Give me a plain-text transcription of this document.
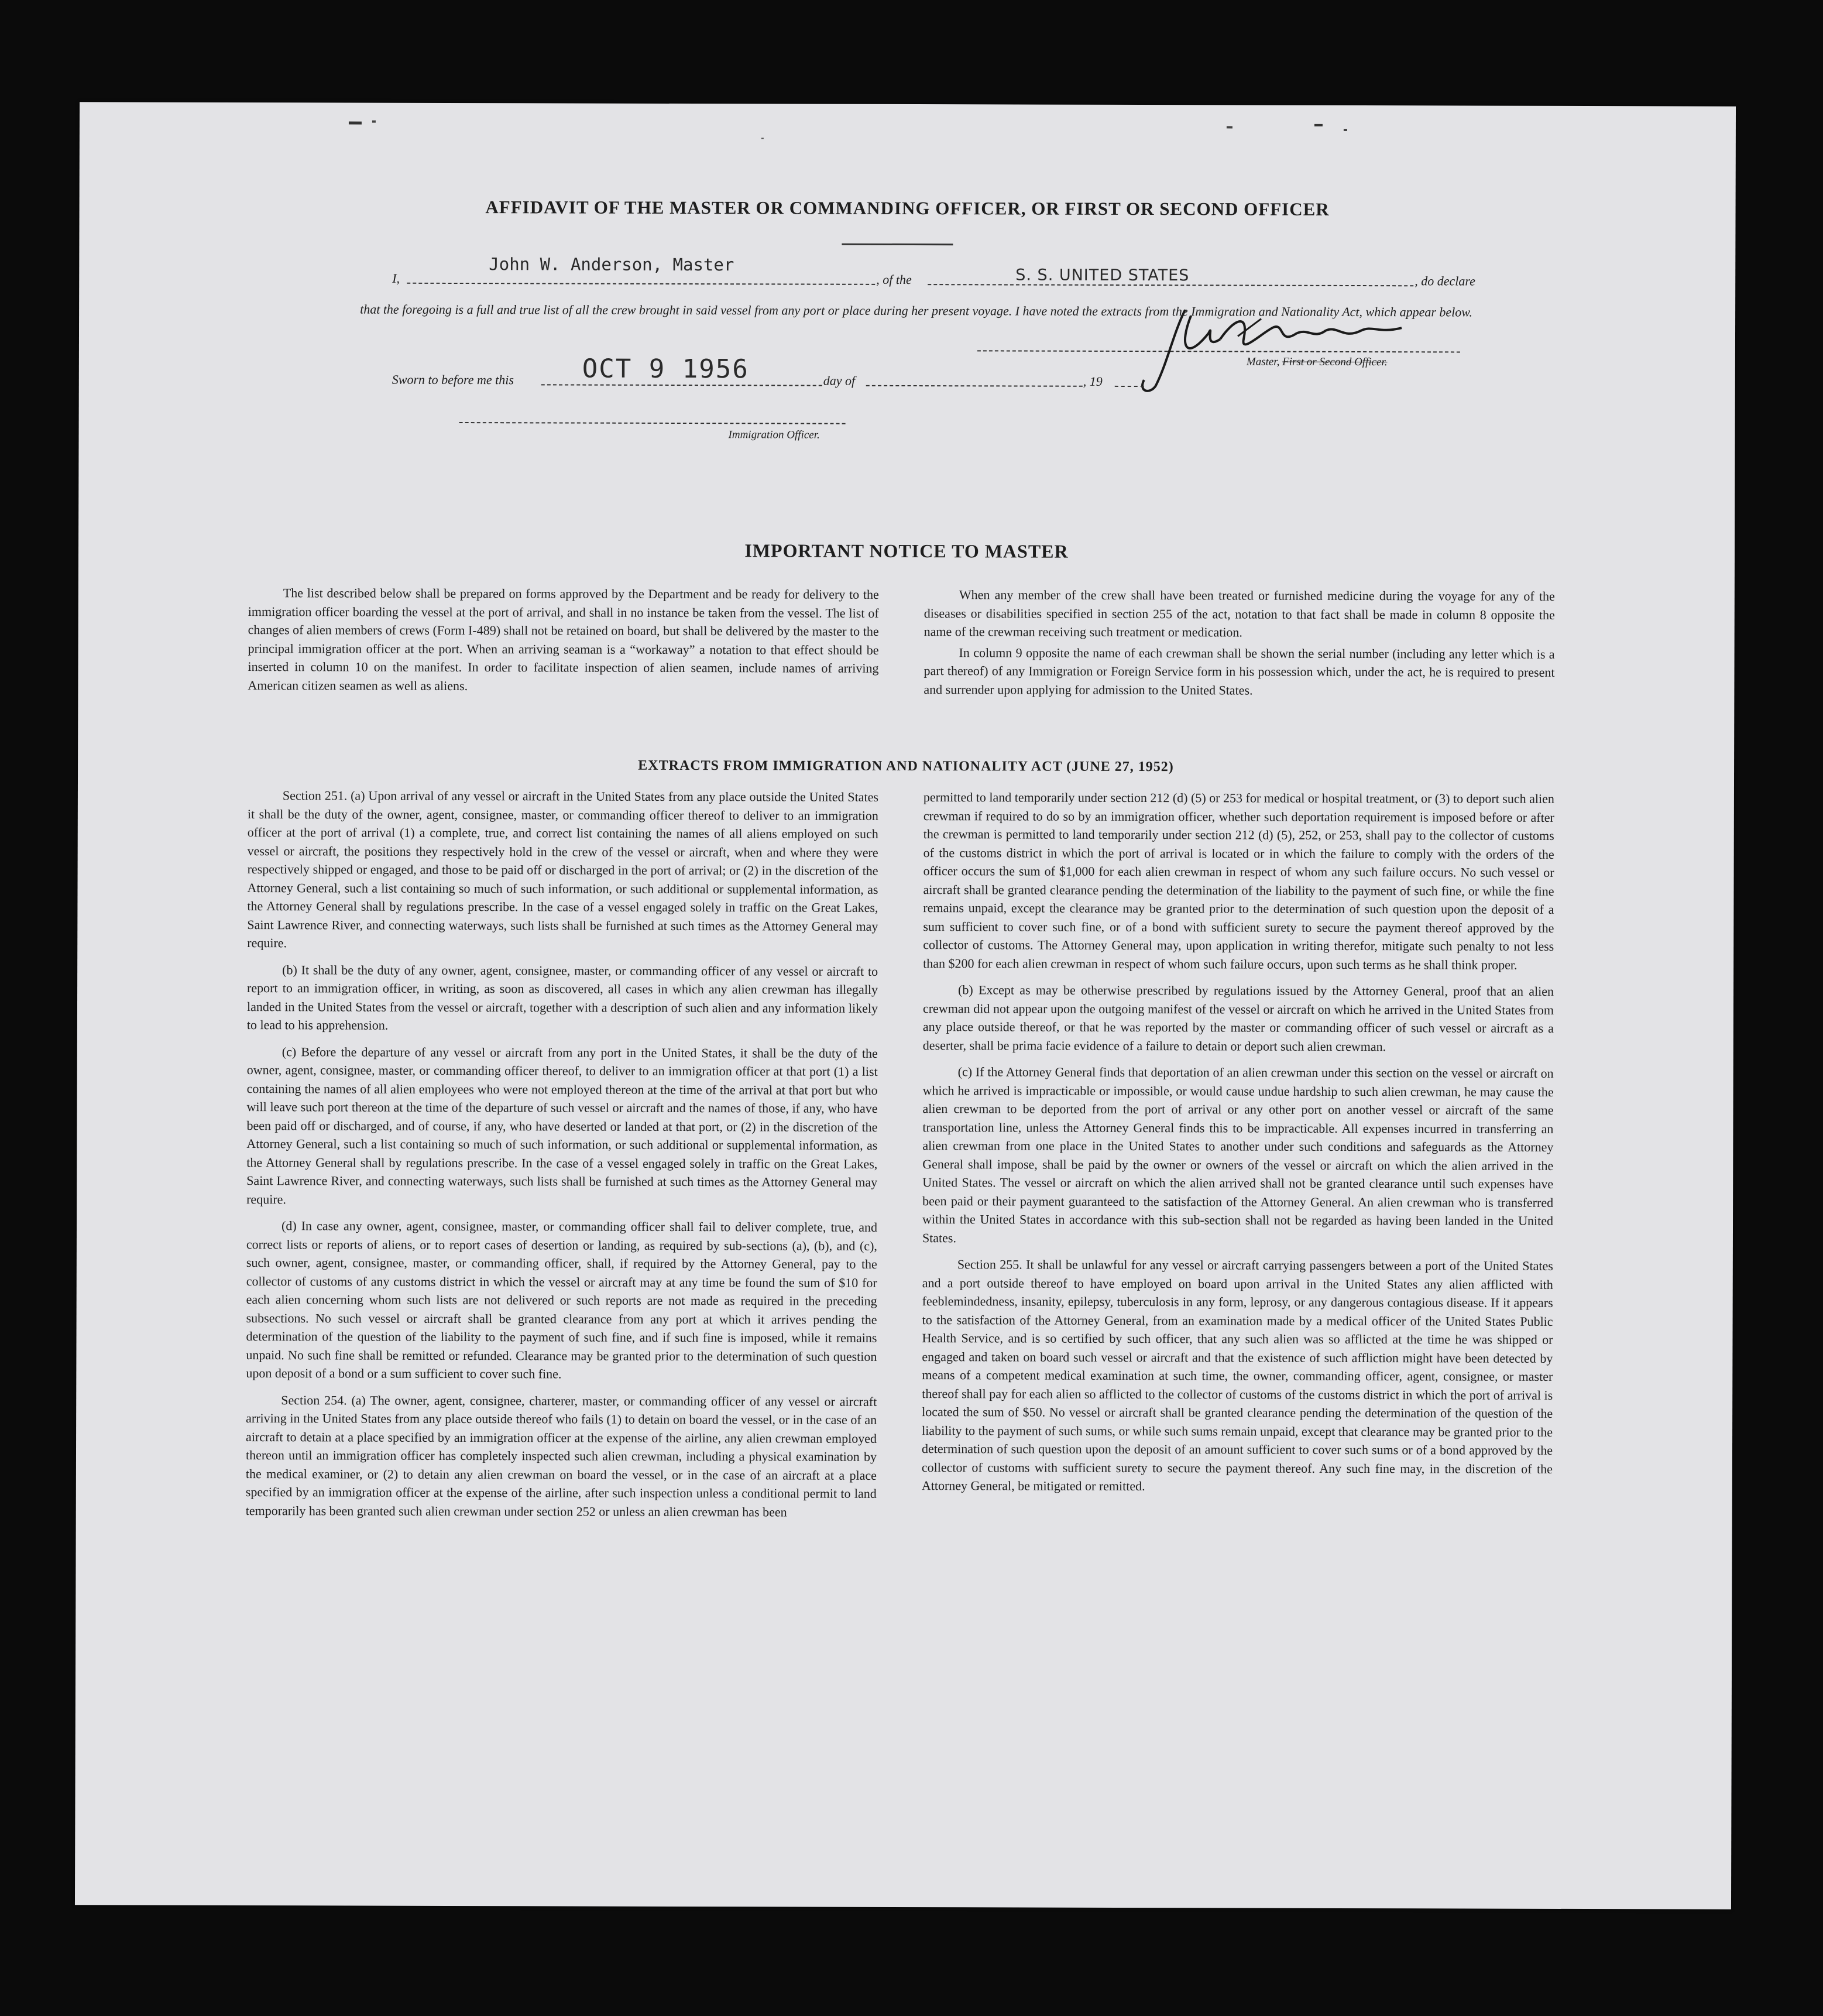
AFFIDAVIT OF THE MASTER OR COMMANDING OFFICER, OR FIRST OR SECOND OFFICER
I,
John W. Anderson, Master
, of the	S. S. UNITED STATES	, do declare
that the foregoing is a full and true list of all the crew brought in said vessel from any port or place during her present voyage. I have noted the extracts from the Immigration and Nationality Act, which appear below.
Master, First or Second Officer.
Sworn to before me this	OCT 9 1956	day of	, 19
Immigration Officer.
IMPORTANT NOTICE TO MASTER

The list described below shall be prepared on forms approved by the Department and be ready for delivery to the immigration officer boarding the vessel at the port of arrival, and shall in no instance be taken from the vessel. The list of changes of alien members of crews (Form I-489) shall not be retained on board, but shall be delivered by the master to the principal immigration officer at the port. When an arriving seaman is a “workaway” a notation to that effect should be inserted in column 10 on the manifest. In order to facilitate inspection of alien seamen, include names of arriving American citizen seamen as well as aliens.

When any member of the crew shall have been treated or furnished medicine during the voyage for any of the diseases or disabilities specified in section 255 of the act, notation to that fact shall be made in column 8 opposite the name of the crewman receiving such treatment or medication.

In column 9 opposite the name of each crewman shall be shown the serial number (including any letter which is a part thereof) of any Immigration or Foreign Service form in his possession which, under the act, he is required to present and surrender upon applying for admission to the United States.

EXTRACTS FROM IMMIGRATION AND NATIONALITY ACT (JUNE 27, 1952)

Section 251. (a) Upon arrival of any vessel or aircraft in the United States from any place outside the United States it shall be the duty of the owner, agent, consignee, master, or commanding officer thereof to deliver to an immigration officer at the port of arrival (1) a complete, true, and correct list containing the names of all aliens employed on such vessel or aircraft, the positions they respectively hold in the crew of the vessel or aircraft, when and where they were respectively shipped or engaged, and those to be paid off or discharged in the port of arrival; or (2) in the discretion of the Attorney General, such a list containing so much of such information, or such additional or supplemental information, as the Attorney General shall by regulations prescribe. In the case of a vessel engaged solely in traffic on the Great Lakes, Saint Lawrence River, and connecting waterways, such lists shall be furnished at such times as the Attorney General may require.

(b) It shall be the duty of any owner, agent, consignee, master, or commanding officer of any vessel or aircraft to report to an immigration officer, in writing, as soon as discovered, all cases in which any alien crewman has illegally landed in the United States from the vessel or aircraft, together with a description of such alien and any information likely to lead to his apprehension.

(c) Before the departure of any vessel or aircraft from any port in the United States, it shall be the duty of the owner, agent, consignee, master, or commanding officer thereof, to deliver to an immigration officer at that port (1) a list containing the names of all alien employees who were not employed thereon at the time of the arrival at that port but who will leave such port thereon at the time of the departure of such vessel or aircraft and the names of those, if any, who have been paid off or discharged, and of course, if any, who have deserted or landed at that port, or (2) in the discretion of the Attorney General, such a list containing so much of such information, or such additional or supplemental information, as the Attorney General shall by regulations prescribe. In the case of a vessel engaged solely in traffic on the Great Lakes, Saint Lawrence River, and connecting waterways, such lists shall be furnished at such times as the Attorney General may require.

(d) In case any owner, agent, consignee, master, or commanding officer shall fail to deliver complete, true, and correct lists or reports of aliens, or to report cases of desertion or landing, as required by sub-sections (a), (b), and (c), such owner, agent, consignee, master, or commanding officer, shall, if required by the Attorney General, pay to the collector of customs of any customs district in which the vessel or aircraft may at any time be found the sum of $10 for each alien concerning whom such lists are not delivered or such reports are not made as required in the preceding subsections. No such vessel or aircraft shall be granted clearance from any port at which it arrives pending the determination of the question of the liability to the payment of such fine, and if such fine is imposed, while it remains unpaid. No such fine shall be remitted or refunded. Clearance may be granted prior to the determination of such question upon deposit of a bond or a sum sufficient to cover such fine.

Section 254. (a) The owner, agent, consignee, charterer, master, or commanding officer of any vessel or aircraft arriving in the United States from any place outside thereof who fails (1) to detain on board the vessel, or in the case of an aircraft to detain at a place specified by an immigration officer at the expense of the airline, any alien crewman employed thereon until an immigration officer has completely inspected such alien crewman, including a physical examination by the medical examiner, or (2) to detain any alien crewman on board the vessel, or in the case of an aircraft at a place specified by an immigration officer at the expense of the airline, after such inspection unless a conditional permit to land temporarily has been granted such alien crewman under section 252 or unless an alien crewman has been

permitted to land temporarily under section 212 (d) (5) or 253 for medical or hospital treatment, or (3) to deport such alien crewman if required to do so by an immigration officer, whether such deportation requirement is imposed before or after the crewman is permitted to land temporarily under section 212 (d) (5), 252, or 253, shall pay to the collector of customs of the customs district in which the port of arrival is located or in which the failure to comply with the orders of the officer occurs the sum of $1,000 for each alien crewman in respect of whom any such failure occurs. No such vessel or aircraft shall be granted clearance pending the determination of the liability to the payment of such fine, or while the fine remains unpaid, except the clearance may be granted prior to the determination of such question upon the deposit of a sum sufficient to cover such fine, or of a bond with sufficient surety to secure the payment thereof approved by the collector of customs. The Attorney General may, upon application in writing therefor, mitigate such penalty to not less than $200 for each alien crewman in respect of whom such failure occurs, upon such terms as he shall think proper.

(b) Except as may be otherwise prescribed by regulations issued by the Attorney General, proof that an alien crewman did not appear upon the outgoing manifest of the vessel or aircraft on which he arrived in the United States from any place outside thereof, or that he was reported by the master or commanding officer of such vessel or aircraft as a deserter, shall be prima facie evidence of a failure to detain or deport such alien crewman.

(c) If the Attorney General finds that deportation of an alien crewman under this section on the vessel or aircraft on which he arrived is impracticable or impossible, or would cause undue hardship to such alien crewman, he may cause the alien crewman to be deported from the port of arrival or any other port on another vessel or aircraft of the same transportation line, unless the Attorney General finds this to be impracticable. All expenses incurred in transferring an alien crewman from one place in the United States to another under such conditions and safeguards as the Attorney General shall impose, shall be paid by the owner or owners of the vessel or aircraft on which the alien arrived in the United States. The vessel or aircraft on which the alien arrived shall not be granted clearance until such expenses have been paid or their payment guaranteed to the satisfaction of the Attorney General. An alien crewman who is transferred within the United States in accordance with this sub-section shall not be regarded as having been landed in the United States.

Section 255. It shall be unlawful for any vessel or aircraft carrying passengers between a port of the United States and a port outside thereof to have employed on board upon arrival in the United States any alien afflicted with feeblemindedness, insanity, epilepsy, tuberculosis in any form, leprosy, or any dangerous contagious disease. If it appears to the satisfaction of the Attorney General, from an examination made by a medical officer of the United States Public Health Service, and is so certified by such officer, that any such alien was so afflicted at the time he was shipped or engaged and taken on board such vessel or aircraft and that the existence of such affliction might have been detected by means of a competent medical examination at such time, the owner, commanding officer, agent, consignee, or master thereof shall pay for each alien so afflicted to the collector of customs of the customs district in which the port of arrival is located the sum of $50. No vessel or aircraft shall be granted clearance pending the determination of the question of the liability to the payment of such sums, or while such sums remain unpaid, except that clearance may be granted prior to the determination of such question upon the deposit of an amount sufficient to cover such sums or of a bond approved by the collector of customs with sufficient surety to secure the payment thereof. Any such fine may, in the discretion of the Attorney General, be mitigated or remitted.
